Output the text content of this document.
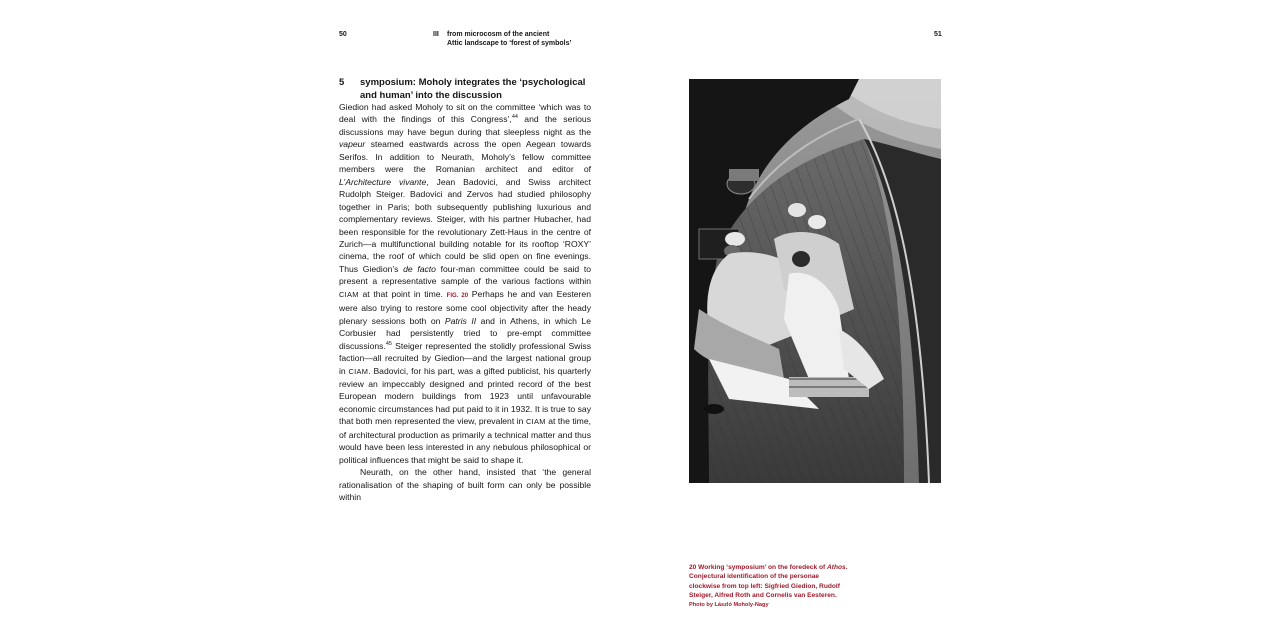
50	III from microcosm of the ancient
Attic landscape to ‘forest of symbols’
51
5 symposium: Moholy integrates the ‘psychological and human’ into the discussion

Giedion had asked Moholy to sit on the committee ‘which was to deal with the findings of this Congress’,$^{44}$ and the serious discussions may have begun during that sleepless night as the vapeur steamed eastwards across the open Aegean towards Serifos. In addition to Neurath, Moholy’s fellow committee members were the Romanian architect and editor of L’Architecture vivante, Jean Badovici, and Swiss architect Rudolph Steiger. Badovici and Zervos had studied philosophy together in Paris; both subsequently publishing luxurious and complementary reviews. Steiger, with his partner Hubacher, had been responsible for the revolutionary Zett-Haus in the centre of Zurich—a multifunctional building notable for its rooftop ‘ROXY’ cinema, the roof of which could be slid open on fine evenings. Thus Giedion’s de facto four-man committee could be said to present a representative sample of the various factions within CIAM at that point in time. FIG. 20 Perhaps he and van Eesteren were also trying to restore some cool objectivity after the heady plenary sessions both on Patris II and in Athens, in which Le Corbusier had persistently tried to pre-empt committee discussions.$^{45}$ Steiger represented the stolidly professional Swiss faction—all recruited by Giedion—and the largest national group in CIAM. Badovici, for his part, was a gifted publicist, his quarterly review an impeccably designed and printed record of the best European modern buildings from 1923 until unfavourable economic circumstances had put paid to it in 1932. It is true to say that both men represented the view, prevalent in CIAM at the time, of architectural production as primarily a technical matter and thus would have been less interested in any nebulous philosophical or political influences that might be said to shape it.

Neurath, on the other hand, insisted that ‘the general rationalisation of the shaping of built form can only be possible within

20 Working ‘symposium’ on the foredeck of Athos. Conjectural identification of the personae clockwise from top left: Sigfried Giedion, Rudolf Steiger, Alfred Roth and Cornelis van Eesteren.
Photo by László Moholy-Nagy
